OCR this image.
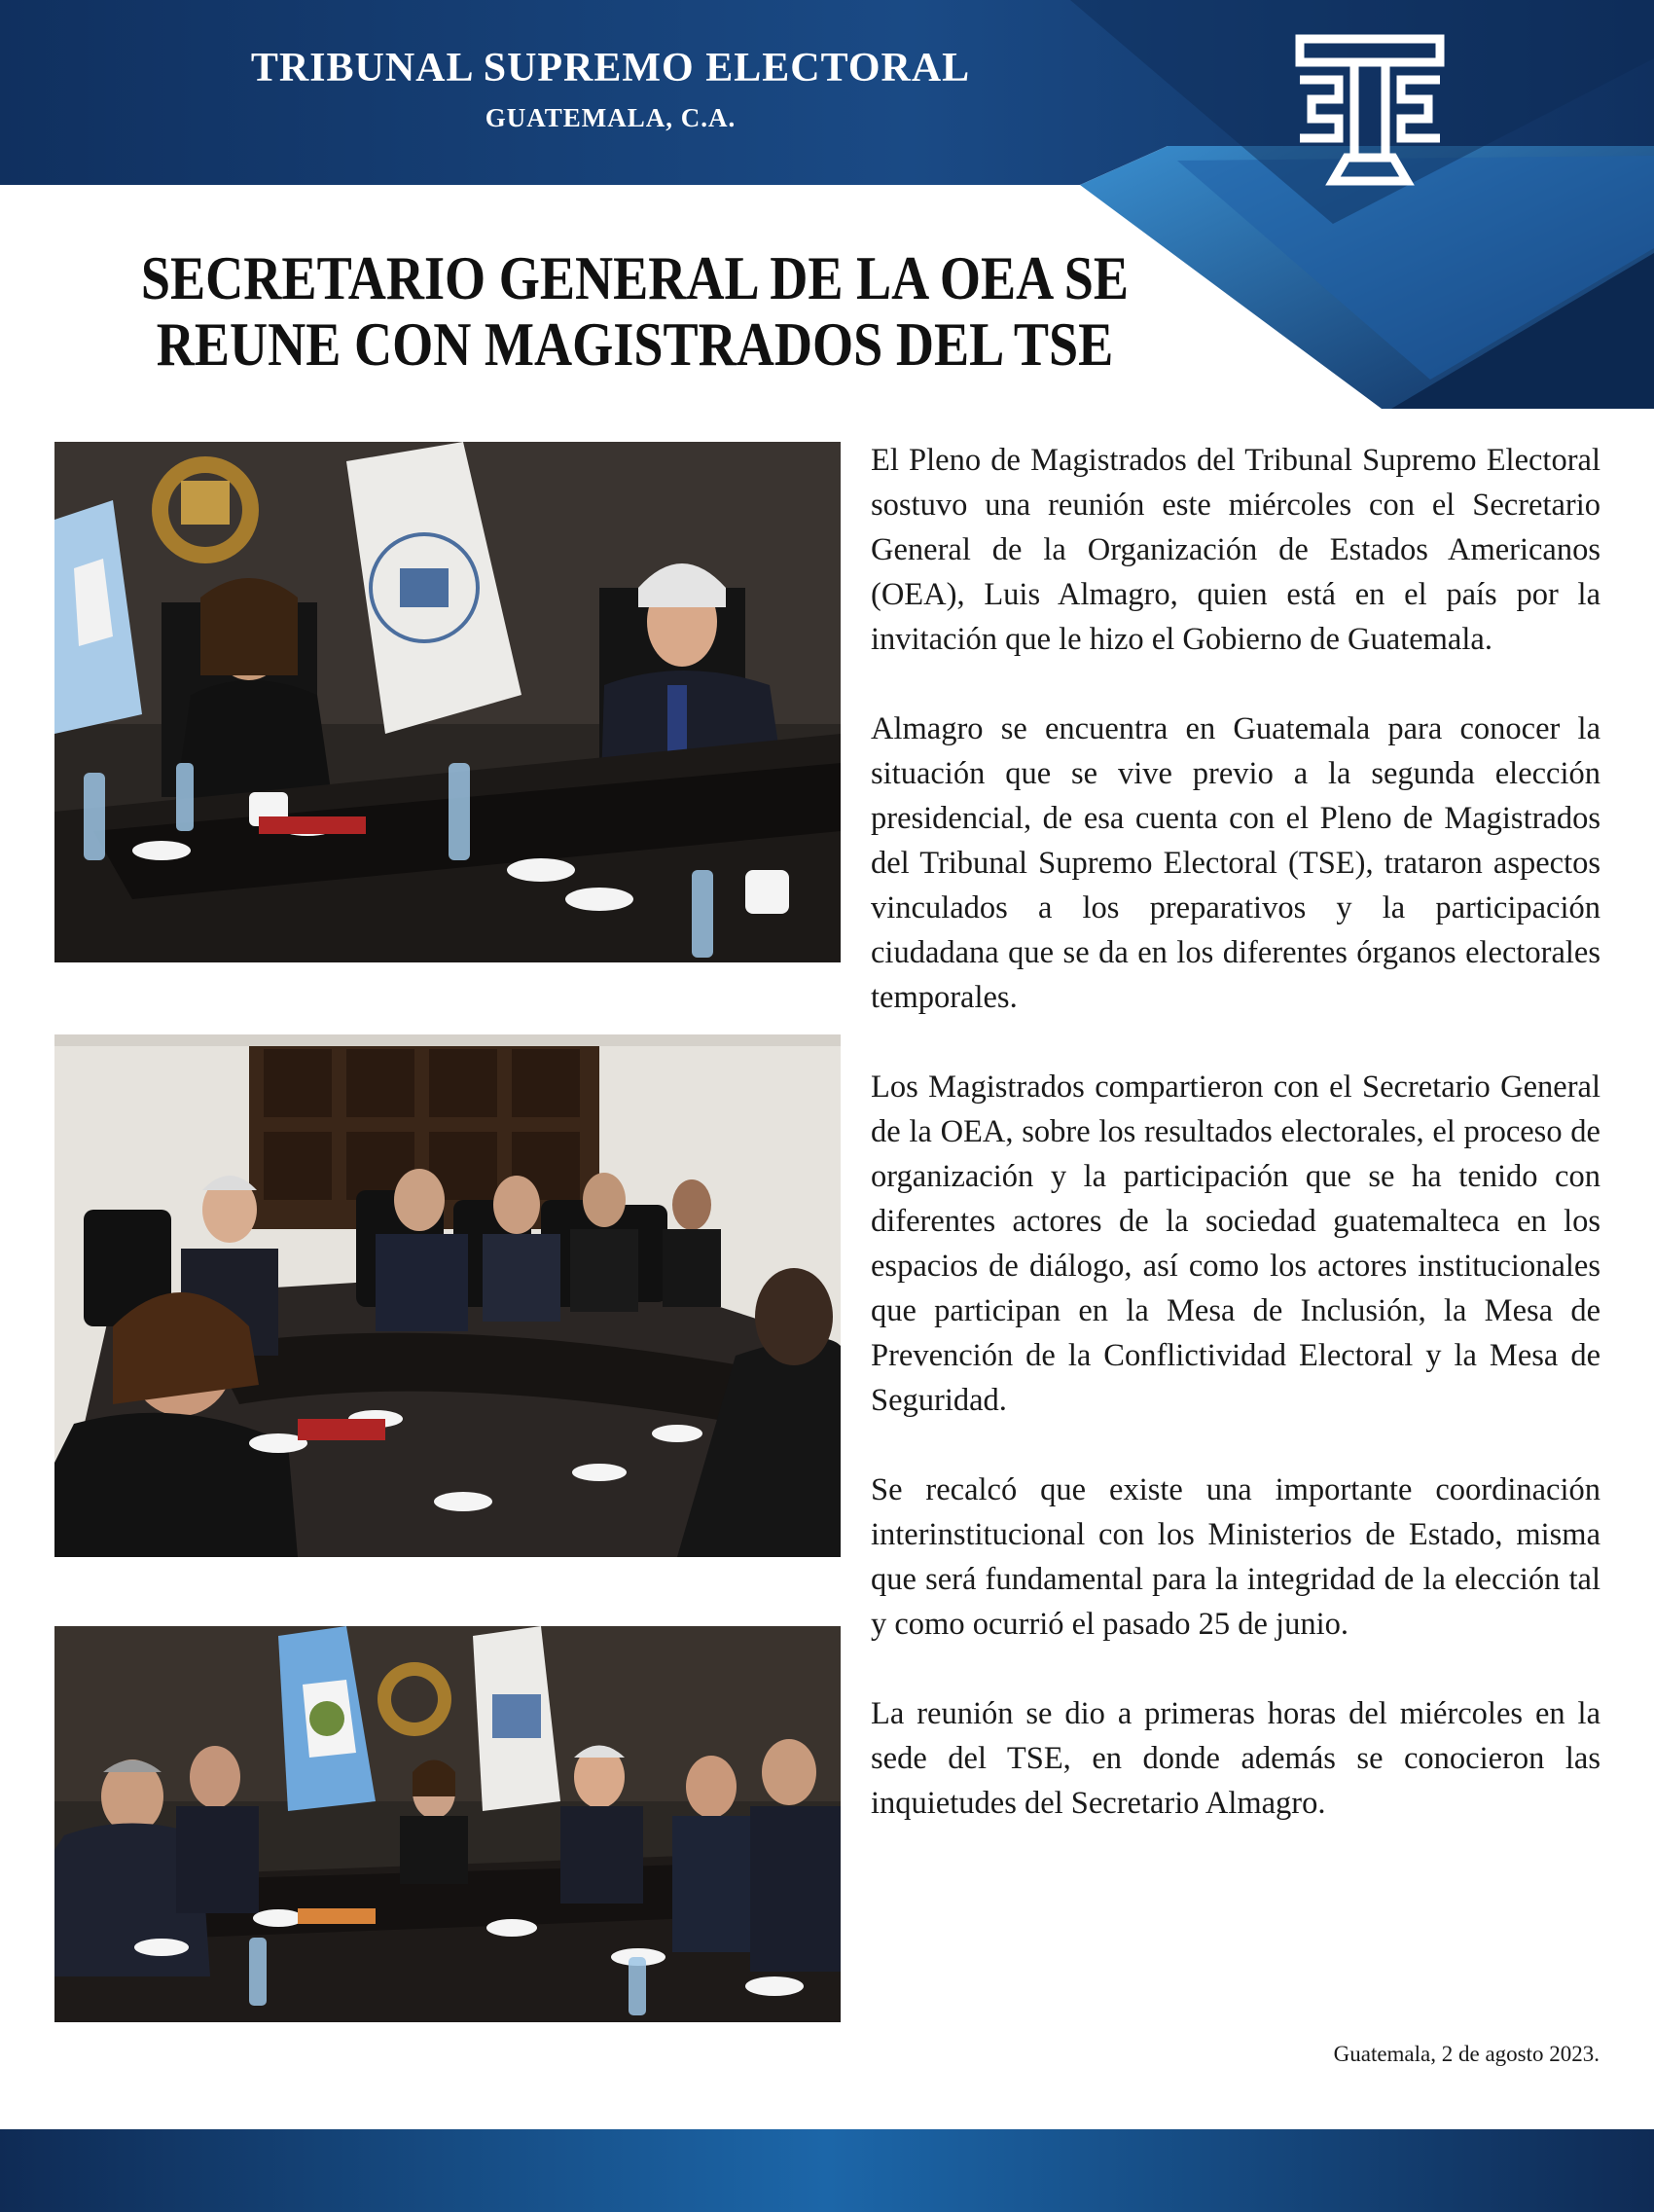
TRIBUNAL SUPREMO ELECTORAL
GUATEMALA, C.A.
SECRETARIO GENERAL DE LA OEA SE
REUNE CON MAGISTRADOS DEL TSE

El Pleno de Magistrados del Tribunal Supremo Electoral sostuvo una reunión este miércoles con el Secretario General de la Organización de Estados Americanos (OEA), Luis Almagro, quien está en el país por la invitación que le hizo el Gobierno de Guatemala.

Almagro se encuentra en Guatemala para conocer la situación que se vive previo a la segunda elección presidencial, de esa cuenta con el Pleno de Magistrados del Tribunal Supremo Electoral (TSE), trataron aspectos vinculados a los preparativos y la participación ciudadana que se da en los diferentes órganos electorales temporales.

Los Magistrados compartieron con el Secretario General de la OEA, sobre los resultados electorales, el proceso de organización y la participación que se ha tenido con diferentes actores de la sociedad guatemalteca en los espacios de diálogo, así como los actores institucionales que participan en la Mesa de Inclusión, la Mesa de Prevención de la Conflictividad Electoral y la Mesa de Seguridad.

Se recalcó que existe una importante coordinación interinstitucional con los Ministerios de Estado, misma que será fundamental para la integridad de la elección tal y como ocurrió el pasado 25 de junio.

La reunión se dio a primeras horas del miércoles en la sede del TSE, en donde además se conocieron las inquietudes del Secretario Almagro.

Guatemala, 2 de agosto 2023.
